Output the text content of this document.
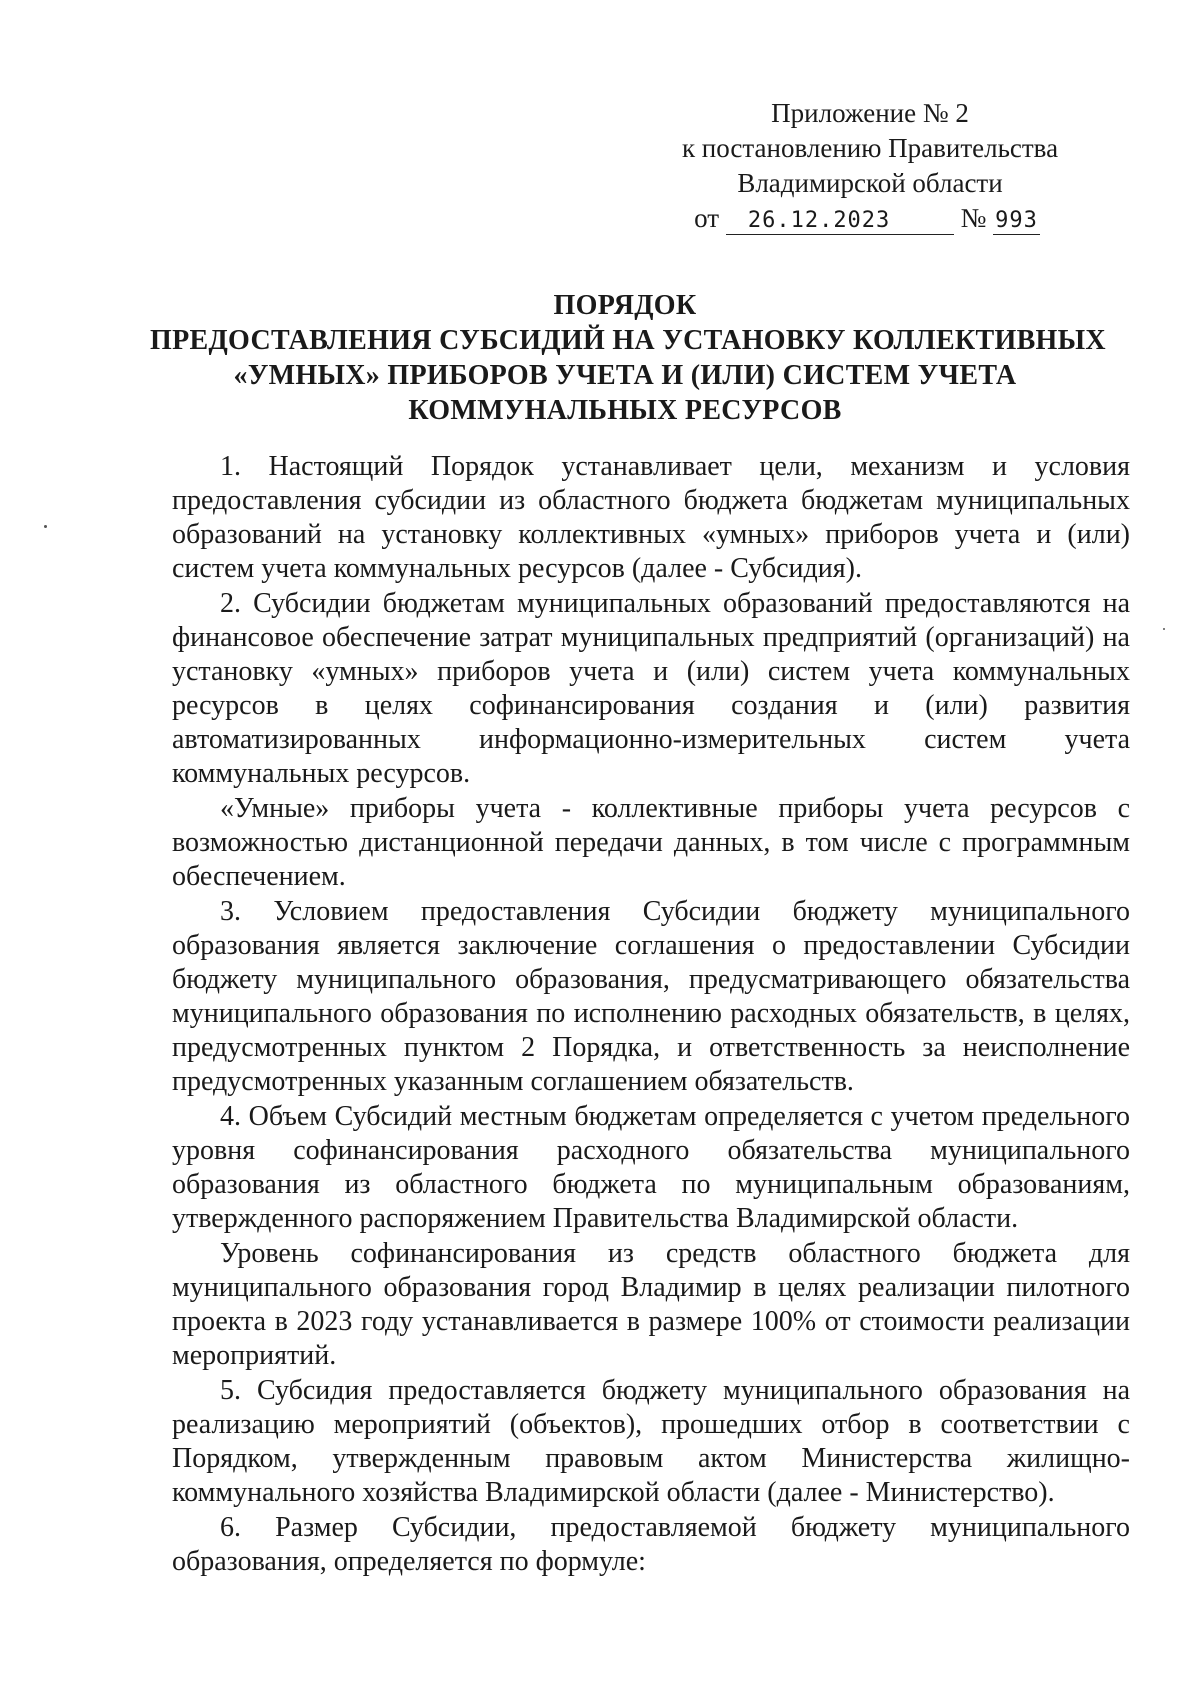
Приложение № 2
к постановлению Правительства
Владимирской области
от 26.12.2023	№ 993
ПОРЯДОК
ПРЕДОСТАВЛЕНИЯ СУБСИДИЙ НА УСТАНОВКУ КОЛЛЕКТИВНЫХ
«УМНЫХ» ПРИБОРОВ УЧЕТА И (ИЛИ) СИСТЕМ УЧЕТА
КОММУНАЛЬНЫХ РЕСУРСОВ

1. Настоящий Порядок устанавливает цели, механизм и условия предоставления субсидии из областного бюджета бюджетам муниципальных образований на установку коллективных «умных» приборов учета и (или) систем учета коммунальных ресурсов (далее - Субсидия).

2. Субсидии бюджетам муниципальных образований предоставляются на финансовое обеспечение затрат муниципальных предприятий (организаций) на установку «умных» приборов учета и (или) систем учета коммунальных ресурсов в целях софинансирования создания и (или) развития автоматизированных информационно-измерительных систем учета коммунальных ресурсов.

«Умные» приборы учета - коллективные приборы учета ресурсов с возможностью дистанционной передачи данных, в том числе с программным обеспечением.

3. Условием предоставления Субсидии бюджету муниципального образования является заключение соглашения о предоставлении Субсидии бюджету муниципального образования, предусматривающего обязательства муниципального образования по исполнению расходных обязательств, в целях, предусмотренных пунктом 2 Порядка, и ответственность за неисполнение предусмотренных указанным соглашением обязательств.

4. Объем Субсидий местным бюджетам определяется с учетом предельного уровня софинансирования расходного обязательства муниципального образования из областного бюджета по муниципальным образованиям, утвержденного распоряжением Правительства Владимирской области.

Уровень софинансирования из средств областного бюджета для муниципального образования город Владимир в целях реализации пилотного проекта в 2023 году устанавливается в размере 100% от стоимости реализации мероприятий.

5. Субсидия предоставляется бюджету муниципального образования на реализацию мероприятий (объектов), прошедших отбор в соответствии с Порядком, утвержденным правовым актом Министерства жилищно-коммунального хозяйства Владимирской области (далее - Министерство).

6. Размер Субсидии, предоставляемой бюджету муниципального образования, определяется по формуле:
